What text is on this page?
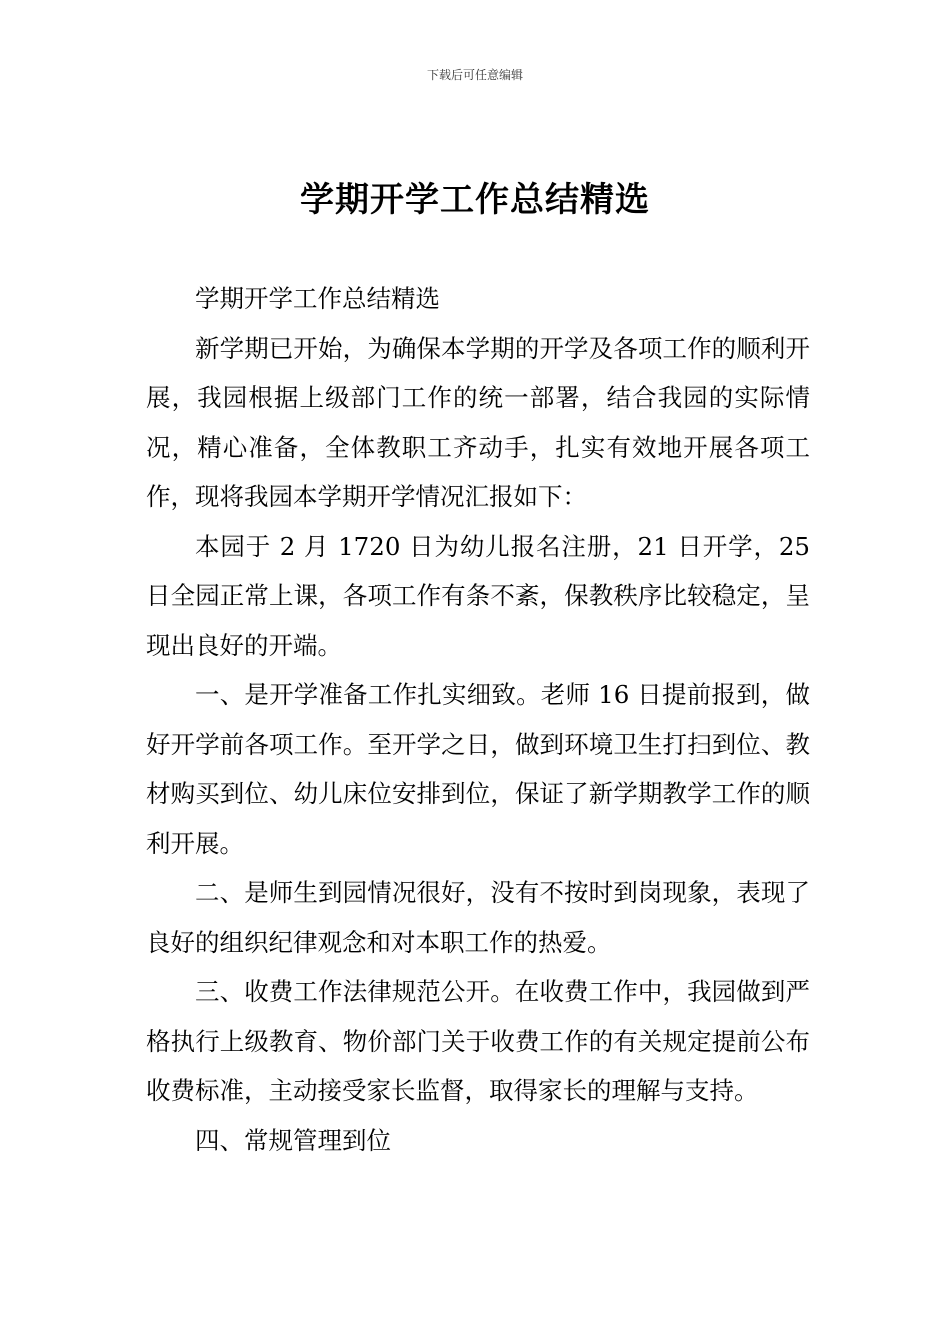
下载后可任意编辑
学期开学工作总结精选

学期开学工作总结精选

新学期已开始，为确保本学期的开学及各项工作的顺利开展，我园根据上级部门工作的统一部署，结合我园的实际情况，精心准备，全体教职工齐动手，扎实有效地开展各项工作，现将我园本学期开学情况汇报如下：

本园于 2 月 1720 日为幼儿报名注册，21 日开学，25 日全园正常上课，各项工作有条不紊，保教秩序比较稳定，呈现出良好的开端。

一、是开学准备工作扎实细致。老师 16 日提前报到，做好开学前各项工作。至开学之日，做到环境卫生打扫到位、教材购买到位、幼儿床位安排到位，保证了新学期教学工作的顺利开展。

二、是师生到园情况很好，没有不按时到岗现象，表现了良好的组织纪律观念和对本职工作的热爱。

三、收费工作法律规范公开。在收费工作中，我园做到严格执行上级教育、物价部门关于收费工作的有关规定提前公布收费标准，主动接受家长监督，取得家长的理解与支持。

四、常规管理到位
